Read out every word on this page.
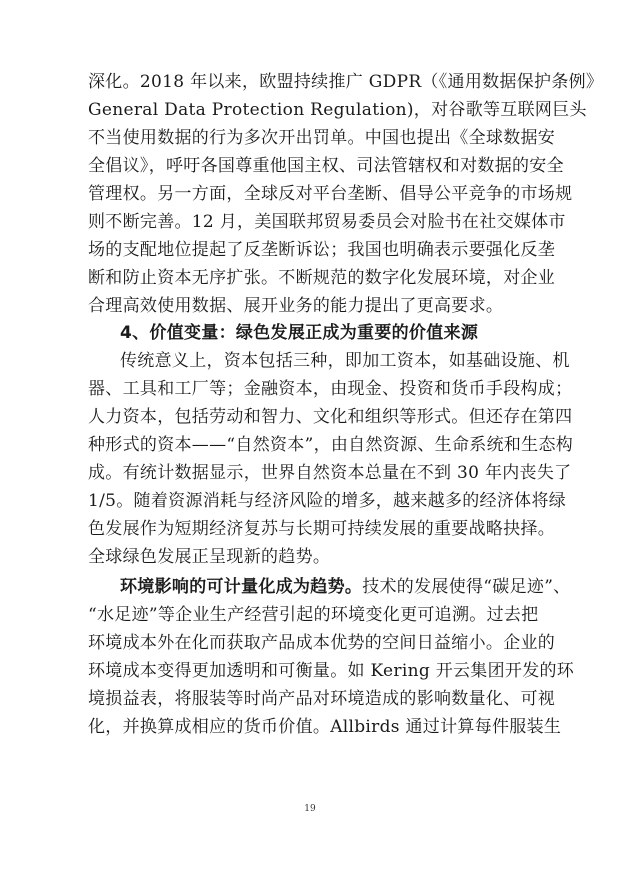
深化。2018 年以来，欧盟持续推广 GDPR（《通用数据保护条例》
General Data Protection Regulation)，对谷歌等互联网巨头
不当使用数据的行为多次开出罚单。中国也提出《全球数据安
全倡议》，呼吁各国尊重他国主权、司法管辖权和对数据的安全
管理权。另一方面，全球反对平台垄断、倡导公平竞争的市场规
则不断完善。12 月，美国联邦贸易委员会对脸书在社交媒体市
场的支配地位提起了反垄断诉讼；我国也明确表示要强化反垄
断和防止资本无序扩张。不断规范的数字化发展环境，对企业
合理高效使用数据、展开业务的能力提出了更高要求。
4、价值变量：绿色发展正成为重要的价值来源
传统意义上，资本包括三种，即加工资本，如基础设施、机
器、工具和工厂等；金融资本，由现金、投资和货币手段构成；
人力资本，包括劳动和智力、文化和组织等形式。但还存在第四
种形式的资本——“自然资本”，由自然资源、生命系统和生态构
成。有统计数据显示，世界自然资本总量在不到 30 年内丧失了
1/5。随着资源消耗与经济风险的增多，越来越多的经济体将绿
色发展作为短期经济复苏与长期可持续发展的重要战略抉择。
全球绿色发展正呈现新的趋势。
环境影响的可计量化成为趋势。技术的发展使得“碳足迹”、
“水足迹”等企业生产经营引起的环境变化更可追溯。过去把
环境成本外在化而获取产品成本优势的空间日益缩小。企业的
环境成本变得更加透明和可衡量。如 Kering 开云集团开发的环
境损益表，将服装等时尚产品对环境造成的影响数量化、可视
化，并换算成相应的货币价值。Allbirds 通过计算每件服装生
19
